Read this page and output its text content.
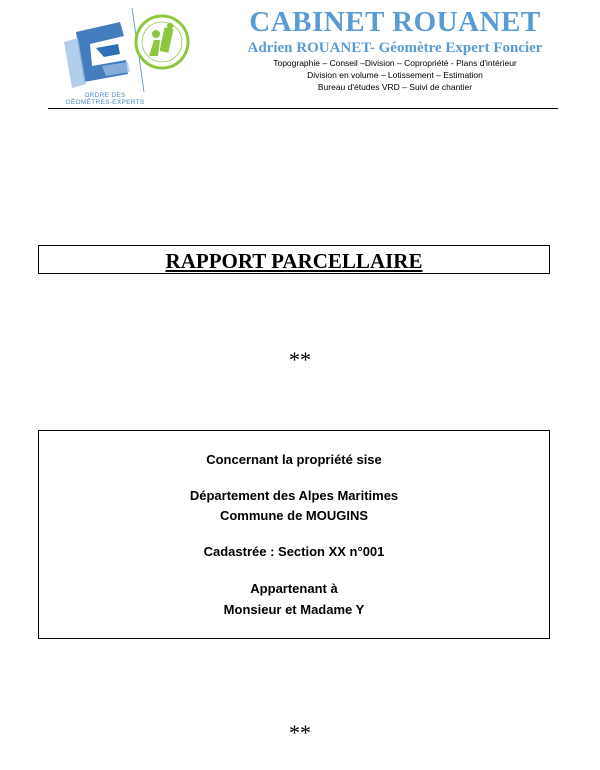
ORDRE DES
GÉOMÈTRES-EXPERTS
CABINET ROUANET
Adrien ROUANET- Géomètre Expert Foncier
Topographie – Conseil –Division – Copropriété - Plans d'intérieur
Division en volume – Lotissement – Estimation
Bureau d'études VRD – Suivi de chantier
RAPPORT PARCELLAIRE
**
Concernant la propriété sise
Département des Alpes Maritimes
Commune de MOUGINS
Cadastrée : Section XX n°001
Appartenant à
Monsieur et Madame Y
**
